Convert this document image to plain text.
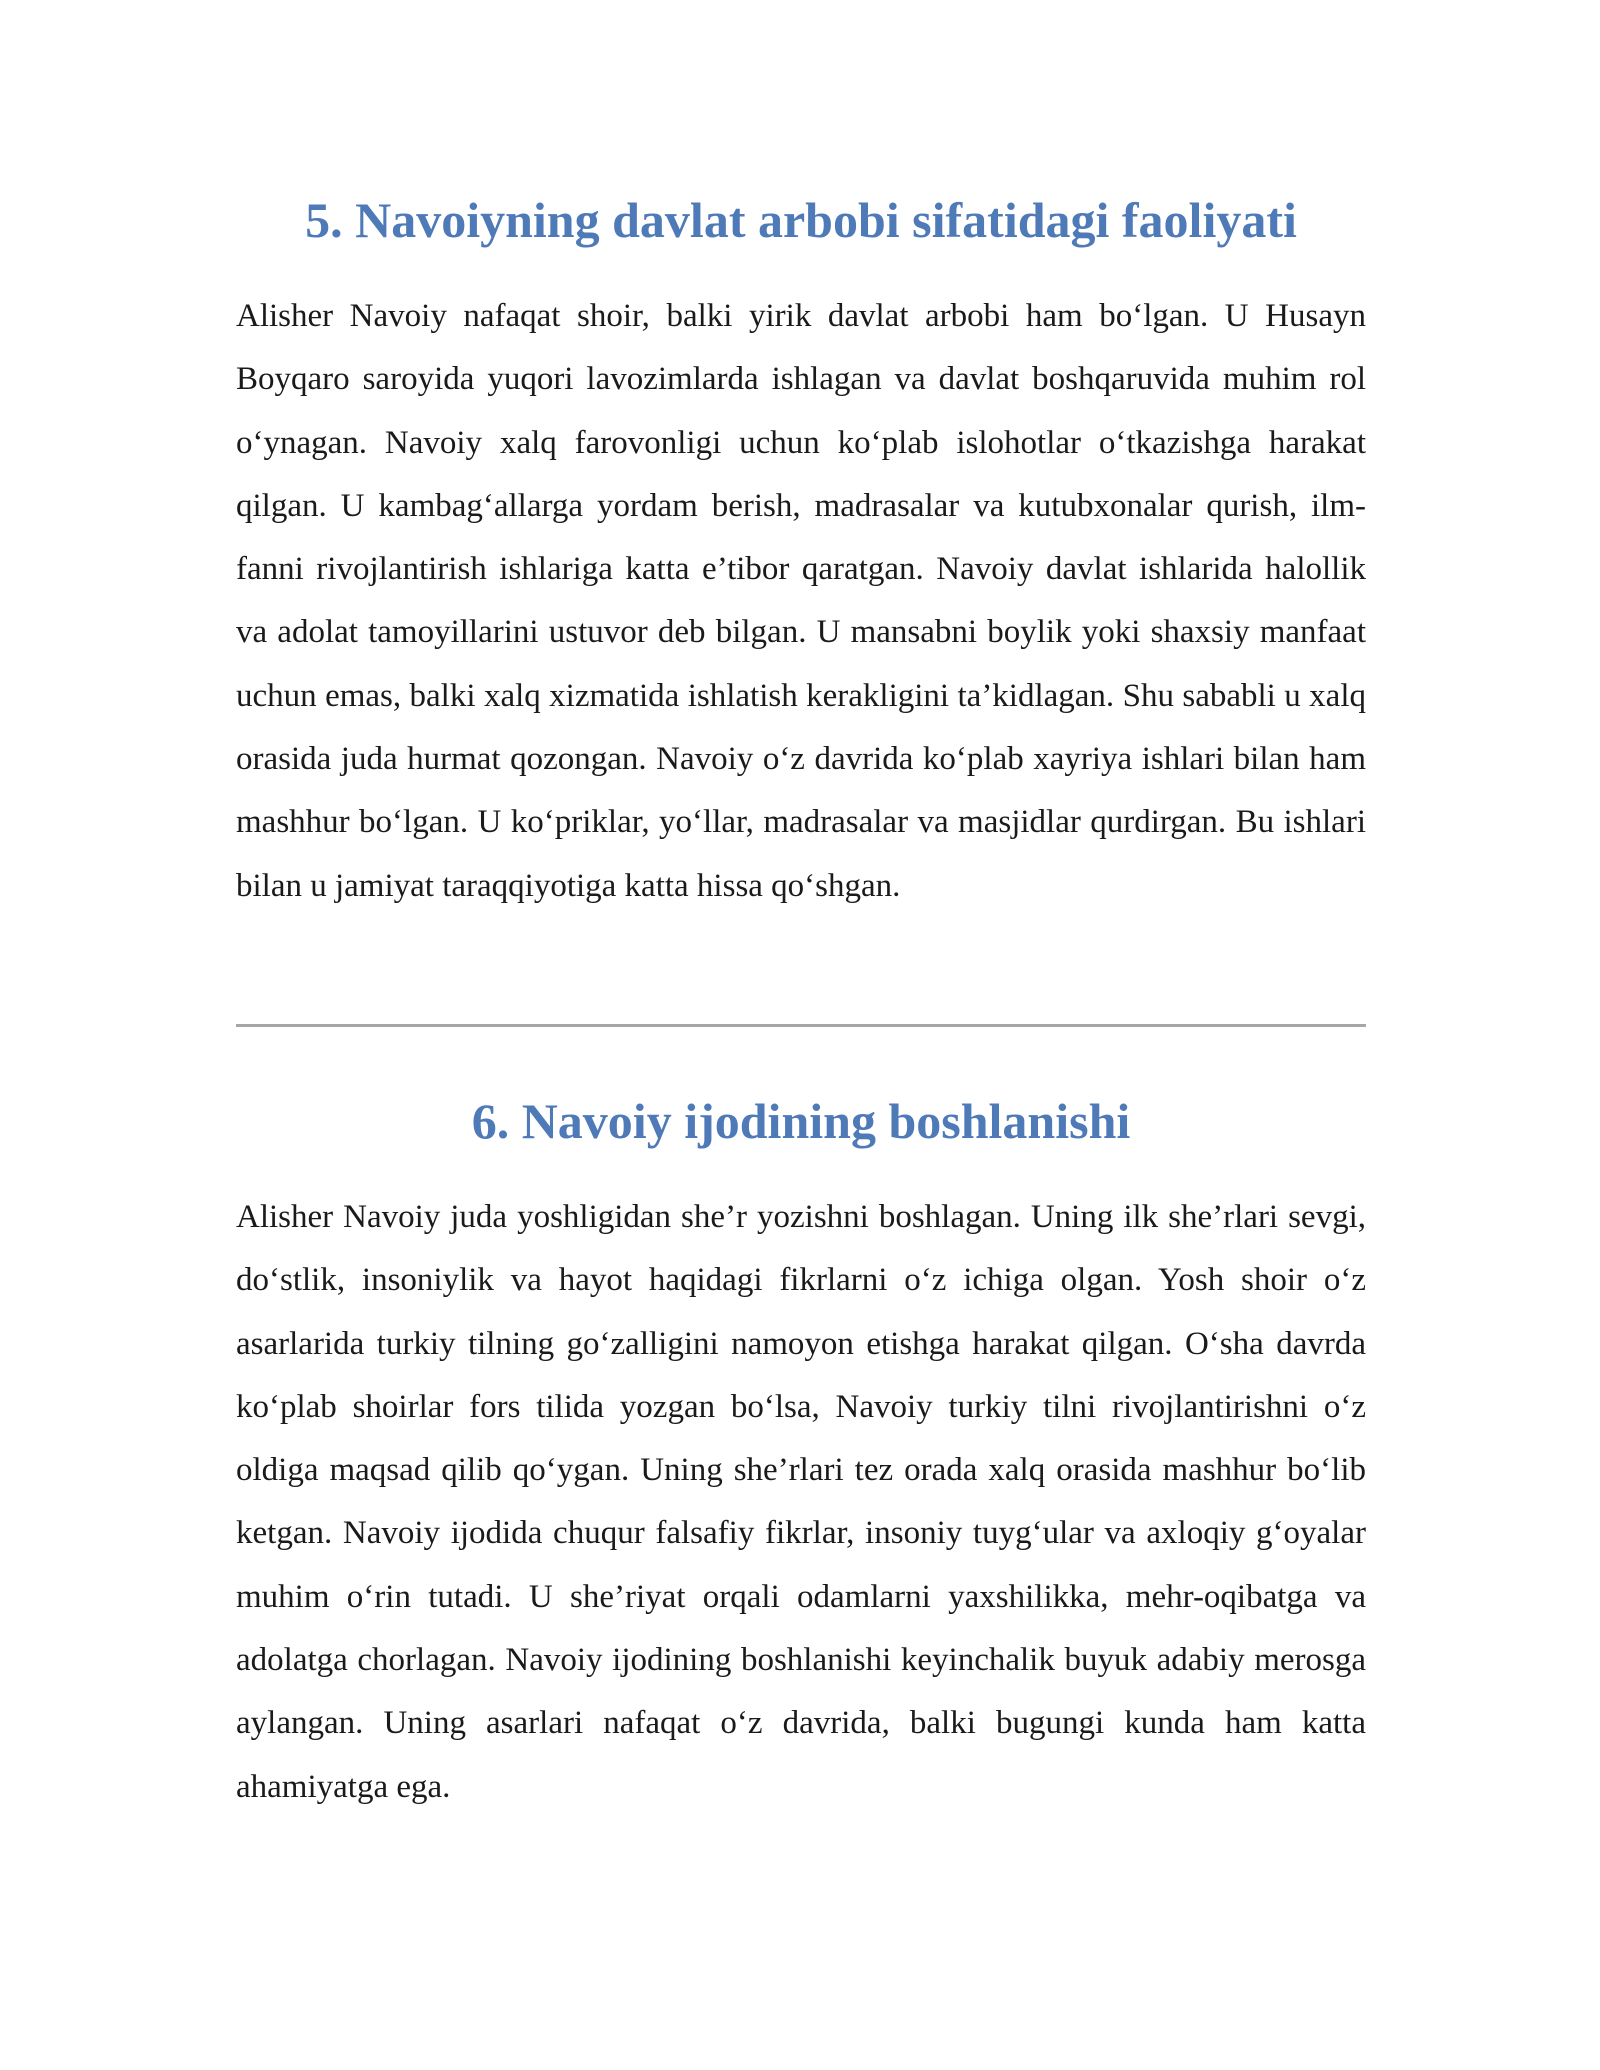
5. Navoiyning davlat arbobi sifatidagi faoliyati

Alisher Navoiy nafaqat shoir, balki yirik davlat arbobi ham bo‘lgan. U Husayn Boyqaro saroyida yuqori lavozimlarda ishlagan va davlat boshqaruvida muhim rol o‘ynagan. Navoiy xalq farovonligi uchun ko‘plab islohotlar o‘tkazishga harakat qilgan. U kambag‘allarga yordam berish, madrasalar va kutubxonalar qurish, ilm-fanni rivojlantirish ishlariga katta e’tibor qaratgan. Navoiy davlat ishlarida halollik va adolat tamoyillarini ustuvor deb bilgan. U mansabni boylik yoki shaxsiy manfaat uchun emas, balki xalq xizmatida ishlatish kerakligini ta’kidlagan. Shu sababli u xalq orasida juda hurmat qozongan. Navoiy o‘z davrida ko‘plab xayriya ishlari bilan ham mashhur bo‘lgan. U ko‘priklar, yo‘llar, madrasalar va masjidlar qurdirgan. Bu ishlari bilan u jamiyat taraqqiyotiga katta hissa qo‘shgan.

6. Navoiy ijodining boshlanishi

Alisher Navoiy juda yoshligidan she’r yozishni boshlagan. Uning ilk she’rlari sevgi, do‘stlik, insoniylik va hayot haqidagi fikrlarni o‘z ichiga olgan. Yosh shoir o‘z asarlarida turkiy tilning go‘zalligini namoyon etishga harakat qilgan. O‘sha davrda ko‘plab shoirlar fors tilida yozgan bo‘lsa, Navoiy turkiy tilni rivojlantirishni o‘z oldiga maqsad qilib qo‘ygan. Uning she’rlari tez orada xalq orasida mashhur bo‘lib ketgan. Navoiy ijodida chuqur falsafiy fikrlar, insoniy tuyg‘ular va axloqiy g‘oyalar muhim o‘rin tutadi. U she’riyat orqali odamlarni yaxshilikka, mehr-oqibatga va adolatga chorlagan. Navoiy ijodining boshlanishi keyinchalik buyuk adabiy merosga aylangan. Uning asarlari nafaqat o‘z davrida, balki bugungi kunda ham katta ahamiyatga ega.
